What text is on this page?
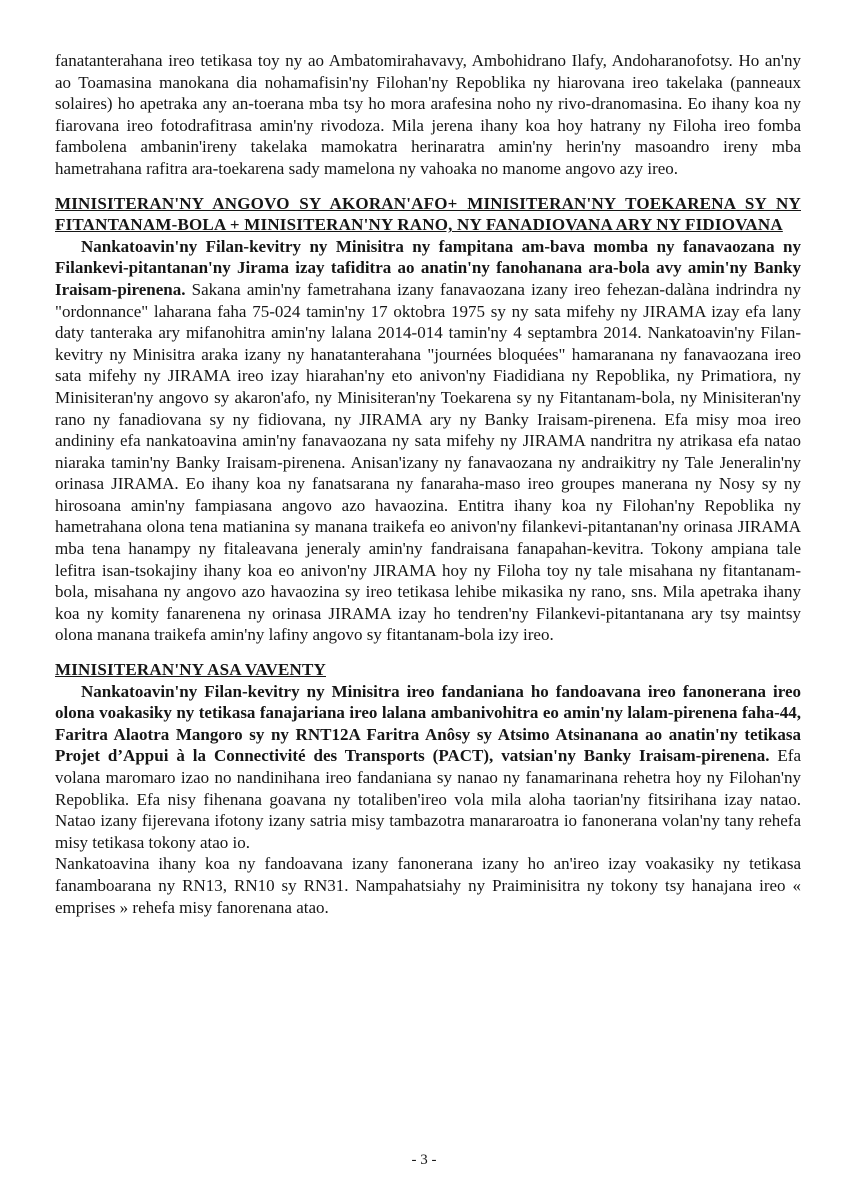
fanatanterahana ireo tetikasa toy ny ao Ambatomirahavavy, Ambohidrano Ilafy, Andoharanofotsy. Ho an'ny ao Toamasina manokana dia nohamafisin'ny Filohan'ny Repoblika ny hiarovana ireo takelaka (panneaux solaires) ho apetraka any an-toerana mba tsy ho mora arafesina noho ny rivo-dranomasina. Eo ihany koa ny fiarovana ireo fotodrafitrasa amin'ny rivodoza. Mila jerena ihany koa hoy hatrany ny Filoha ireo fomba fambolena ambanin'ireny takelaka mamokatra herinaratra amin'ny herin'ny masoandro ireny mba hametrahana rafitra ara-toekarena sady mamelona ny vahoaka no manome angovo azy ireo.

MINISITERAN'NY ANGOVO SY AKORAN'AFO+ MINISITERAN'NY TOEKARENA SY NY FITANTANAM-BOLA + MINISITERAN'NY RANO, NY FANADIOVANA ARY NY FIDIOVANA

Nankatoavin'ny Filan-kevitry ny Minisitra ny fampitana am-bava momba ny fanavaozana ny Filankevi-pitantanan'ny Jirama izay tafiditra ao anatin'ny fanohanana ara-bola avy amin'ny Banky Iraisam-pirenena. Sakana amin'ny fametrahana izany fanavaozana izany ireo fehezan-dalàna indrindra ny "ordonnance" laharana faha 75-024 tamin'ny 17 oktobra 1975 sy ny sata mifehy ny JIRAMA izay efa lany daty tanteraka ary mifanohitra amin'ny lalana 2014-014 tamin'ny 4 septambra 2014. Nankatoavin'ny Filan-kevitry ny Minisitra araka izany ny hanatanterahana "journées bloquées" hamaranana ny fanavaozana ireo sata mifehy ny JIRAMA ireo izay hiarahan'ny eto anivon'ny Fiadidiana ny Repoblika, ny Primatiora, ny Minisiteran'ny angovo sy akaron'afo, ny Minisiteran'ny Toekarena sy ny Fitantanam-bola, ny Minisiteran'ny rano ny fanadiovana sy ny fidiovana, ny JIRAMA ary ny Banky Iraisam-pirenena. Efa misy moa ireo andininy efa nankatoavina amin'ny fanavaozana ny sata mifehy ny JIRAMA nandritra ny atrikasa efa natao niaraka tamin'ny Banky Iraisam-pirenena. Anisan'izany ny fanavaozana ny andraikitry ny Tale Jeneralin'ny orinasa JIRAMA. Eo ihany koa ny fanatsarana ny fanaraha-maso ireo groupes manerana ny Nosy sy ny hirosoana amin'ny fampiasana angovo azo havaozina. Entitra ihany koa ny Filohan'ny Repoblika ny hametrahana olona tena matianina sy manana traikefa eo anivon'ny filankevi-pitantanan'ny orinasa JIRAMA mba tena hanampy ny fitaleavana jeneraly amin'ny fandraisana fanapahan-kevitra. Tokony ampiana tale lefitra isan-tsokajiny ihany koa eo anivon'ny JIRAMA hoy ny Filoha toy ny tale misahana ny fitantanam-bola, misahana ny angovo azo havaozina sy ireo tetikasa lehibe mikasika ny rano, sns. Mila apetraka ihany koa ny komity fanarenena ny orinasa JIRAMA izay ho tendren'ny Filankevi-pitantanana ary tsy maintsy olona manana traikefa amin'ny lafiny angovo sy fitantanam-bola izy ireo.

MINISITERAN'NY ASA VAVENTY

Nankatoavin'ny Filan-kevitry ny Minisitra ireo fandaniana ho fandoavana ireo fanonerana ireo olona voakasiky ny tetikasa fanajariana ireo lalana ambanivohitra eo amin'ny lalam-pirenena faha-44, Faritra Alaotra Mangoro sy ny RNT12A Faritra Anôsy sy Atsimo Atsinanana ao anatin'ny tetikasa Projet d’Appui à la Connectivité des Transports (PACT), vatsian'ny Banky Iraisam-pirenena. Efa volana maromaro izao no nandinihana ireo fandaniana sy nanao ny fanamarinana rehetra hoy ny Filohan'ny Repoblika. Efa nisy fihenana goavana ny totaliben'ireo vola mila aloha taorian'ny fitsirihana izay natao. Natao izany fijerevana ifotony izany satria misy tambazotra manararoatra io fanonerana volan'ny tany rehefa misy tetikasa tokony atao io.

Nankatoavina ihany koa ny fandoavana izany fanonerana izany ho an'ireo izay voakasiky ny tetikasa fanamboarana ny RN13, RN10 sy RN31. Nampahatsiahy ny Praiminisitra ny tokony tsy hanajana ireo « emprises » rehefa misy fanorenana atao.

- 3 -
